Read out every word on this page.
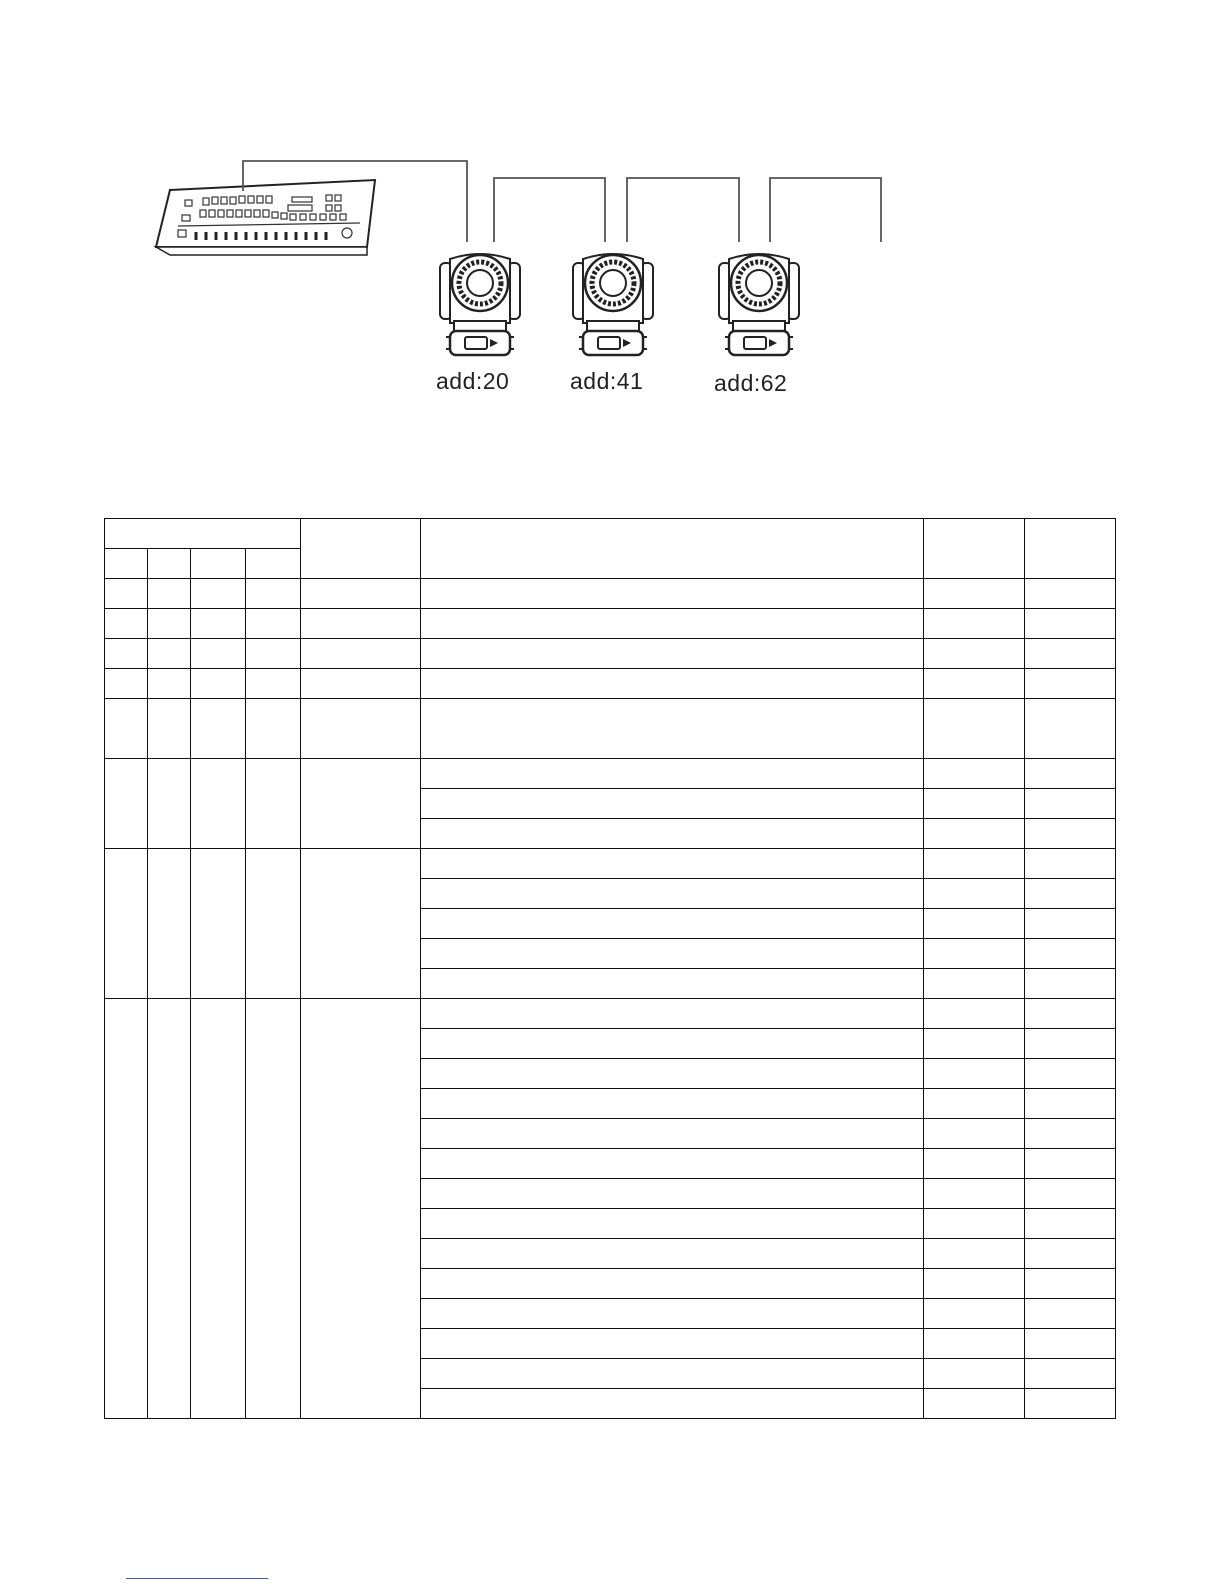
add:20	add:41	add:62
